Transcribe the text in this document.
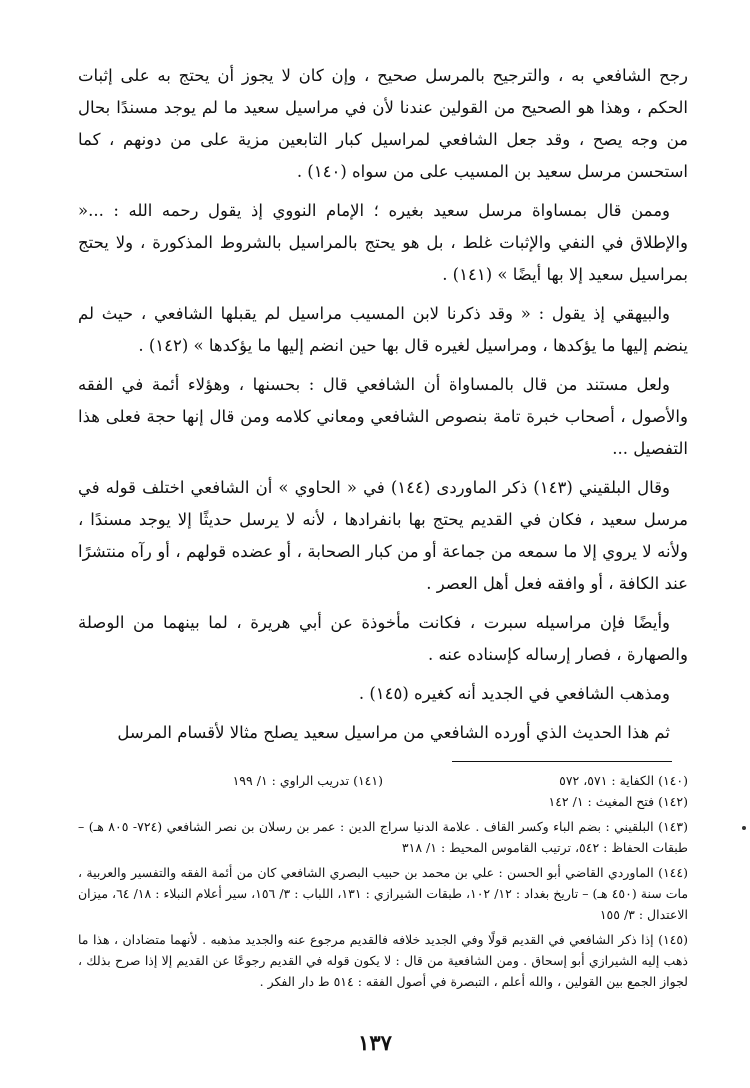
رجح الشافعي به ، والترجيح بالمرسل صحيح ، وإن كان لا يجوز أن يحتج به على إثبات الحكم ، وهذا هو الصحيح من القولين عندنا لأن في مراسيل سعيد ما لم يوجد مسندًا بحال من وجه يصح ، وقد جعل الشافعي لمراسيل كبار التابعين مزية على من دونهم ، كما استحسن مرسل سعيد بن المسيب على من سواه (١٤٠) .

وممن قال بمساواة مرسل سعيد بغيره ؛ الإمام النووي إذ يقول رحمه الله : ...« والإطلاق في النفي والإثبات غلط ، بل هو يحتج بالمراسيل بالشروط المذكورة ، ولا يحتج بمراسيل سعيد إلا بها أيضًا » (١٤١) .

والبيهقي إذ يقول : « وقد ذكرنا لابن المسيب مراسيل لم يقبلها الشافعي ، حيث لم ينضم إليها ما يؤكدها ، ومراسيل لغيره قال بها حين انضم إليها ما يؤكدها » (١٤٢) .

ولعل مستند من قال بالمساواة أن الشافعي قال : بحسنها ، وهؤلاء أئمة في الفقه والأصول ، أصحاب خبرة تامة بنصوص الشافعي ومعاني كلامه ومن قال إنها حجة فعلى هذا التفصيل ...

وقال البلقيني (١٤٣) ذكر الماوردى (١٤٤) في « الحاوي » أن الشافعي اختلف قوله في مرسل سعيد ، فكان في القديم يحتج بها بانفرادها ، لأنه لا يرسل حديثًا إلا يوجد مسندًا ، ولأنه لا يروي إلا ما سمعه من جماعة أو من كبار الصحابة ، أو عضده قولهم ، أو رآه منتشرًا عند الكافة ، أو وافقه فعل أهل العصر .

وأيضًا فإن مراسيله سبرت ، فكانت مأخوذة عن أبي هريرة ، لما بينهما من الوصلة والصهارة ، فصار إرساله كإسناده عنه .

ومذهب الشافعي في الجديد أنه كغيره (١٤٥) .

ثم هذا الحديث الذي أورده الشافعي من مراسيل سعيد يصلح مثالا لأقسام المرسل

(١٤٠) الكفاية : ٥٧١، ٥٧٢
(١٤١) تدريب الراوي : ١/ ١٩٩

(١٤٢) فتح المغيث : ١/ ١٤٢

(١٤٣) البلقيني : بضم الباء وكسر القاف . علامة الدنيا سراج الدين : عمر بن رسلان بن نصر الشافعي (٧٢٤- ٨٠٥ هـ) – طبقات الحفاظ : ٥٤٢، ترتيب القاموس المحيط : ١/ ٣١٨

(١٤٤) الماوردي القاضي أبو الحسن : علي بن محمد بن حبيب البصري الشافعي كان من أئمة الفقه والتفسير والعربية ، مات سنة (٤٥٠ هـ) – تاريخ بغداد : ١٢/ ١٠٢، طبقات الشيرازي : ١٣١، اللباب : ٣/ ١٥٦، سير أعلام النبلاء : ١٨/ ٦٤، ميزان الاعتدال : ٣/ ١٥٥

(١٤٥) إذا ذكر الشافعي في القديم قولًا وفي الجديد خلافه فالقديم مرجوع عنه والجديد مذهبه . لأنهما متضادان ، هذا ما ذهب إليه الشيرازي أبو إسحاق . ومن الشافعية من قال : لا يكون قوله في القديم رجوعًا عن القديم إلا إذا صرح بذلك ، لجواز الجمع بين القولين ، والله أعلم ، التبصرة في أصول الفقه : ٥١٤ ط دار الفكر .

١٣٧
